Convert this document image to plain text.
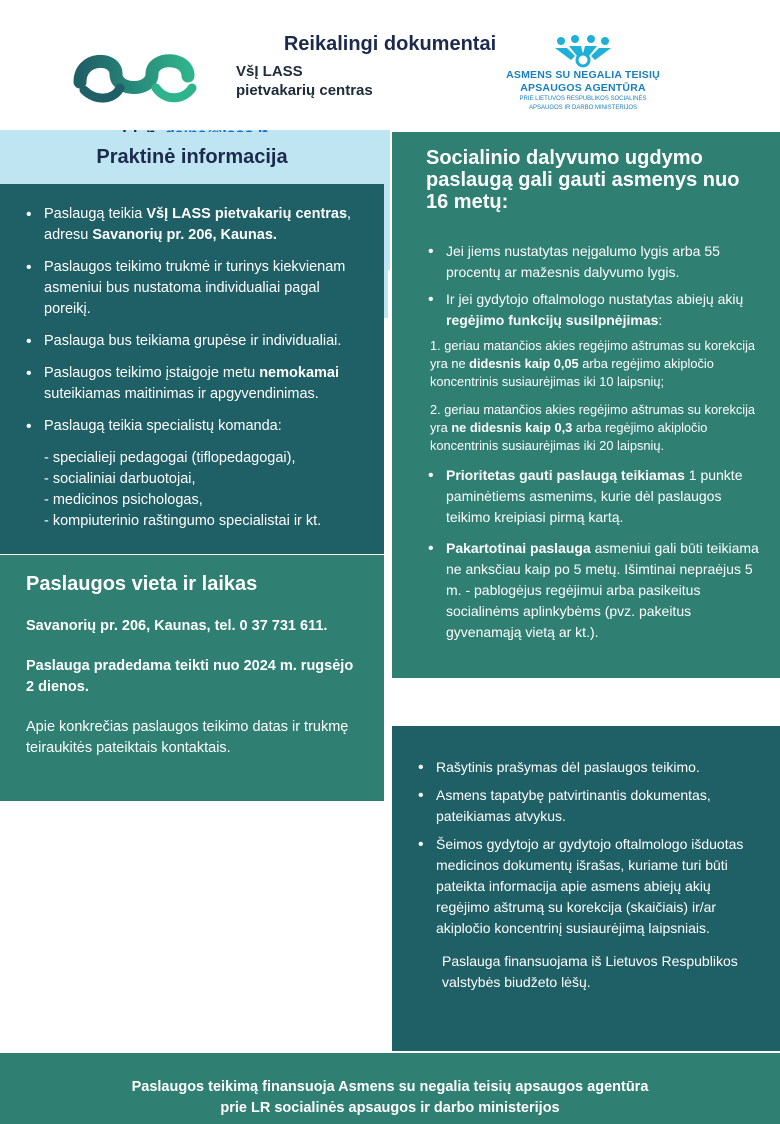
VšĮ LASS
pietvakarių centras
ASMENS SU NEGALIA TEISIŲ
APSAUGOS AGENTŪRA
PRIE LIETUVOS RESPUBLIKOS SOCIALINĖS
APSAUGOS IR DARBO MINISTERIJOS
Praktinė informacija
• Paslaugą teikia VšĮ LASS pietvakarių centras, adresu Savanorių pr. 206, Kaunas.
• Paslaugos teikimo trukmė ir turinys kiekvienam asmeniui bus nustatoma individualiai pagal poreikį.
• Paslauga bus teikiama grupėse ir individualiai.
• Paslaugos teikimo įstaigoje metu nemokamai suteikiamas maitinimas ir apgyvendinimas.
• Paslaugą teikia specialistų komanda:
- specialieji pedagogai (tiflopedagogai),
- socialiniai darbuotojai,
- medicinos psichologas,
- kompiuterinio raštingumo specialistai ir kt.
Paslaugos vieta ir laikas

Savanorių pr. 206, Kaunas, tel. 0 37 731 611.

Paslauga pradedama teikti nuo 2024 m. rugsėjo 2 dienos.

Apie konkrečias paslaugos teikimo datas ir trukmę teiraukitės pateiktais kontaktais.

Socialinio dalyvumo ugdymo paslaugą gali gauti asmenys nuo 16 metų:
• Jei jiems nustatytas neįgalumo lygis arba 55 procentų ar mažesnis dalyvumo lygis.
• Ir jei gydytojo oftalmologo nustatytas abiejų akių regėjimo funkcijų susilpnėjimas:
1. geriau matančios akies regėjimo aštrumas su korekcija yra ne didesnis kaip 0,05 arba regėjimo akipločio koncentrinis susiaurėjimas iki 10 laipsnių;
2. geriau matančios akies regėjimo aštrumas su korekcija yra ne didesnis kaip 0,3 arba regėjimo akipločio koncentrinis susiaurėjimas iki 20 laipsnių.
• Prioritetas gauti paslaugą teikiamas 1 punkte paminėtiems asmenims, kurie dėl paslaugos teikimo kreipiasi pirmą kartą.
• Pakartotinai paslauga asmeniui gali būti teikiama ne anksčiau kaip po 5 metų. Išimtinai nepraėjus 5 m. - pablogėjus regėjimui arba pasikeitus socialinėms aplinkybėms (pvz. pakeitus gyvenamąją vietą ar kt.).
Reikalingi dokumentai
• Rašytinis prašymas dėl paslaugos teikimo.
• Asmens tapatybę patvirtinantis dokumentas, pateikiamas atvykus.
• Šeimos gydytojo ar gydytojo oftalmologo išduotas medicinos dokumentų išrašas, kuriame turi būti pateikta informacija apie asmens abiejų akių regėjimo aštrumą su korekcija (skaičiais) ir/ar akipločio koncentrinį susiaurėjimą laipsniais.
Paslauga finansuojama iš Lietuvos Respublikos valstybės biudžeto lėšų.
Paslaugos teikimą finansuoja Asmens su negalia teisių apsaugos agentūra
prie LR socialinės apsaugos ir darbo ministerijos
